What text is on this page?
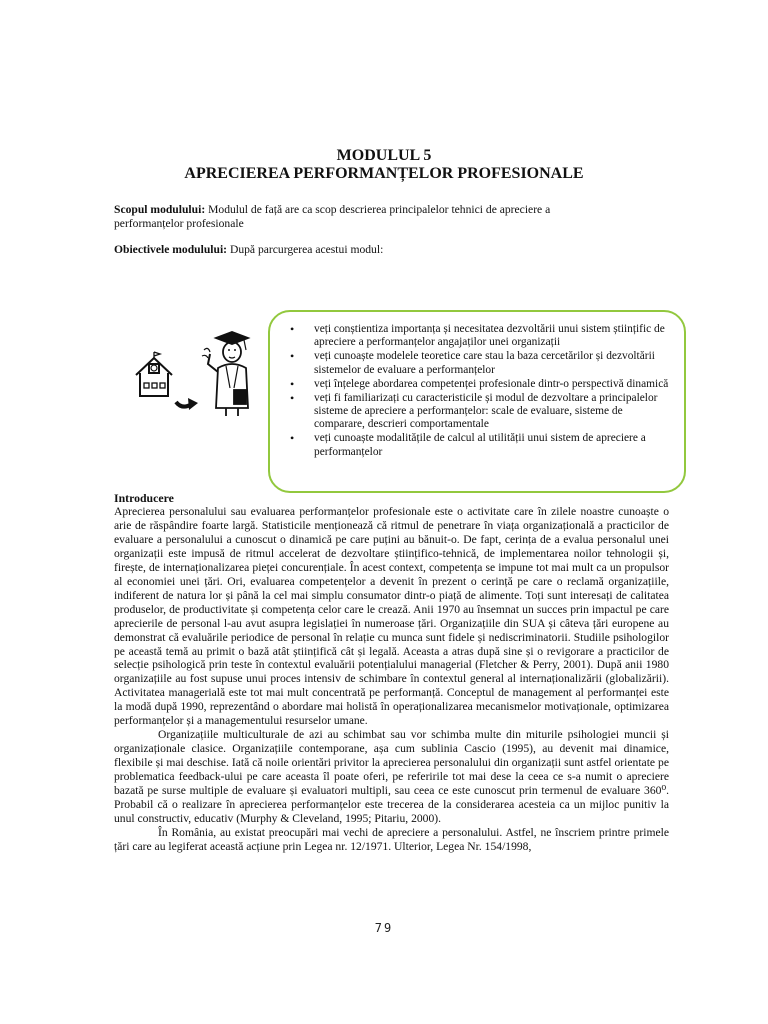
MODULUL 5
APRECIEREA PERFORMANȚELOR PROFESIONALE
Scopul modulului: Modulul de față are ca scop descrierea principalelor tehnici de apreciere a
performanțelor profesionale
Obiectivele modulului: După parcurgerea acestui modul:
• veți conștientiza importanța și necesitatea dezvoltării unui sistem științific de apreciere a performanțelor angajaților unei organizații
• veți cunoaște modelele teoretice care stau la baza cercetărilor și dezvoltării sistemelor de evaluare a performanțelor
• veți înțelege abordarea competenței profesionale dintr-o perspectivă dinamică
• veți fi familiarizați cu caracteristicile și modul de dezvoltare a principalelor sisteme de apreciere a performanțelor: scale de evaluare, sisteme de comparare, descrieri comportamentale
• veți cunoaște modalitățile de calcul al utilității unui sistem de apreciere a performanțelor
Introducere

Aprecierea personalului sau evaluarea performanțelor profesionale este o activitate care în zilele noastre cunoaște o arie de răspândire foarte largă. Statisticile menționează că ritmul de penetrare în viața organizațională a practicilor de evaluare a personalului a cunoscut o dinamică pe care puțini au bănuit-o. De fapt, cerința de a evalua personalul unei organizații este impusă de ritmul accelerat de dezvoltare științifico-tehnică, de implementarea noilor tehnologii și, firește, de internaționalizarea pieței concurențiale. În acest context, competența se impune tot mai mult ca un propulsor al economiei unei țări. Ori, evaluarea competențelor a devenit în prezent o cerință pe care o reclamă organizațiile, indiferent de natura lor și până la cel mai simplu consumator dintr-o piață de alimente. Toți sunt interesați de calitatea produselor, de productivitate și competența celor care le crează. Anii 1970 au însemnat un succes prin impactul pe care aprecierile de personal l-au avut asupra legislației în numeroase țări. Organizațiile din SUA și câteva țări europene au demonstrat că evaluările periodice de personal în relație cu munca sunt fidele și nediscriminatorii. Studiile psihologilor pe această temă au primit o bază atât științifică cât și legală. Aceasta a atras după sine și o revigorare a practicilor de selecție psihologică prin teste în contextul evaluării potențialului managerial (Fletcher & Perry, 2001). După anii 1980 organizațiile au fost supuse unui proces intensiv de schimbare în contextul general al internaționalizării (globalizării). Activitatea managerială este tot mai mult concentrată pe performanță. Conceptul de management al performanței este la modă după 1990, reprezentând o abordare mai holistă în operaționalizarea mecanismelor motivaționale, optimizarea performanțelor și a managementului resurselor umane.

Organizațiile multiculturale de azi au schimbat sau vor schimba multe din miturile psihologiei muncii și organizaționale clasice. Organizațiile contemporane, așa cum sublinia Cascio (1995), au devenit mai dinamice, flexibile și mai deschise. Iată că noile orientări privitor la aprecierea personalului din organizații sunt astfel orientate pe problematica feedback-ului pe care aceasta îl poate oferi, pe referirile tot mai dese la ceea ce s-a numit o apreciere bazată pe surse multiple de evaluare și evaluatori multipli, sau ceea ce este cunoscut prin termenul de evaluare 360⁰. Probabil că o realizare în aprecierea performanțelor este trecerea de la considerarea acesteia ca un mijloc punitiv la unul constructiv, educativ (Murphy & Cleveland, 1995; Pitariu, 2000).

În România, au existat preocupări mai vechi de apreciere a personalului. Astfel, ne înscriem printre primele țări care au legiferat această acțiune prin Legea nr. 12/1971. Ulterior, Legea Nr. 154/1998,

79
